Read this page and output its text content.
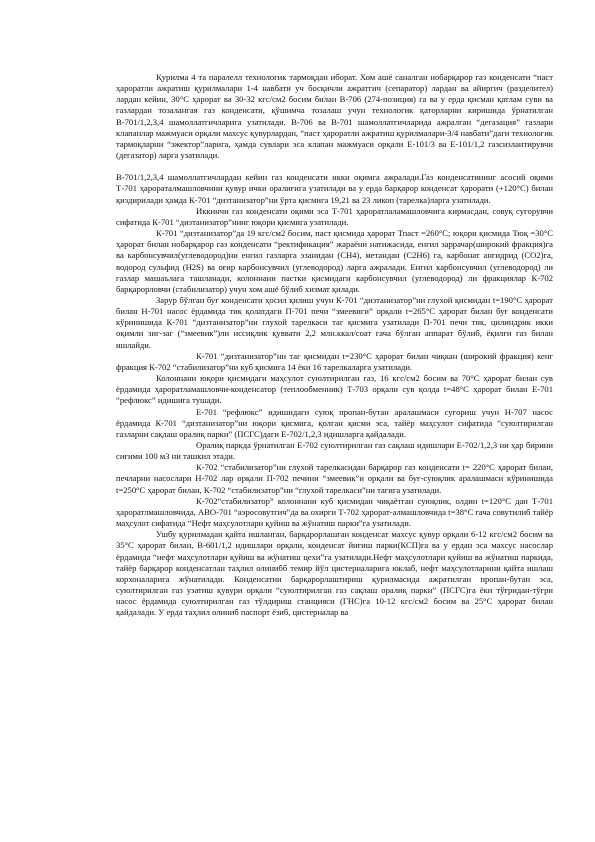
Қурилма 4 та паралелл технологик тармоқдан иборат. Хом ашё саналган нобарқарор газ конденсати “паст ҳароратли ажратиш қурилмалари 1-4 навбати уч босқичли ажратгич (сепаратор) лардан ва айиргич (разделител) лардан кейин, 30°С ҳарорат ва 30-32 кгс/см2 босим билан В-706 (274-позиция) га ва у ерда қисман қатлам суви ва газлардан тозалангая газ конденсати, қўшимча тозалаш учун технологик қаторларни киришида ўрнатилган В-701/1,2,3,4 шамоллатгичларига узатилади. В-706 ва В-701 шамоллатгичларида ажралган “дегазация” газлари клапанлар мажмуаси орқали махсус қувурлардан, “паст ҳароратли ажратиш қурилмалари-3/4 навбати”даги технологик тармоқларни “эжектор”ларига, ҳамда сувлари эса клапан мажмуаси орқали Е-101/3 ва Е-101/1,2 газсизлантирувчи (дегазатор) ларга узатилади.

В-701/1,2,3,4 шамоллатгичлардан кейин газ конденсати икки оқимга ажралади.Газ конденсатининг асосий оқими Т-701 ҳарораталмашловчини қувур ички оралиғига узатилади ва у ерда барқарор конденсат ҳарорати (+120°С) билан қиздирилади ҳамда К-701 “дизтанизатор”ни ўрта қисмига 19,21 ва 23 ликоп (тарелка)ларга узатилади.

Иккинчи газ конденсати оқими эса Т-701 ҳароратлаламашловчига кирмасдан, совуқ суғорувчи сифатида К-701 “дизтанизатор”нинг юқори қисмига узатилади.

К-701 “дизтанизатор”да 19 кгс/см2 босим, паст қисмида ҳарорат Тпаст =260°С; юқори қисмида Тюқ =30°С ҳарорат билан нобарқарор газ конденсати “ректификация” жараёни натижасида, енгил заррачар(широкий фракция)га ва карбонсувчил(углеводород)ни енгил газларга эзанидан (СН4), метандан (С2Н6) га, карбонат ангидрид (СО2)га, водород сульфид (Н2S) ва оғир карбонсувчил (углеводород) ларга ажралади. Енгил карбонсувчил (углеводород) ли газлар машаълага ташланади, колоннани пастки қисмидаги карбонсувчил (углеводород) ли фракциялар К-702 барқарорловчи (стабилизатор) учун хом ашё бўлиб хизмат қилади.

Зарур бўлган буғ конденсати ҳосил қилиш учун К-701 “дизтанизатор”ни глухой қисмидан t=190°С ҳарорат билан Н-701 насос ёрдамида тик қолатдаги П-701 печи “змеевиги” орқали t=265°С ҳарорат билан буғ конденсати кўринишида К-701 “дизтанизатор”ни глухой тарелкаси таг қисмига узатилади П-701 печи тик, цилиндрик икки оқимли зиг-заг (“змеевик”)ли иссиқлик қуввати 2,2 млн.ккал/соат гача бўлган аппарат бўлиб, ёқилғи газ билан ишлайди.

К-701 “дизтанизатор”ни таг қисмидан t=230°С ҳарорат билан чиқкан (широкий фракция) кенг фракция К-702 “стабилизатор”ни куб қисмига 14 ёки 16 тарелкаларга узатилади.

Колоннани юқори қисмидаги маҳсулот суюлтирилган газ, 16 кгс/см2 босим ва 70°С ҳарорат билан сув ёрдамида ҳароратламашловчи-конденсатор (теплообменник) Т-703 орқали сув қолда t=48°С ҳарорат билан Е-701 “рефлюкс” идишига тушади.

Е-701 “рефлюкс” идишидаги суюқ пропан-бутан аралашмаси суғориш учун Н-707 насос ёрдамида К-701 “дизтанизатор”ни юқори қисмига, қолган қисми эса, тайёр маҳсулот сифатида “суюлтирилган газларни сақлаш оралиқ парки” (ПСГС)даги Е-702/1,2,3 идишларга қайдалади.

Оралиқ паркда ўрнатилган Е-702 суюлтирилган газ сақлаш идишлари Е-702/1,2,3 ни ҳар бирини сиғими 100 м3 ни ташкил этади.

К-702 “стабилизатор”ни глухой тарелкасидан барқарор газ конденсати t= 220°С ҳарорат билан, печларни насослари Н-702 лар орқали П-702 печини “змеевик”и орқали ва буғ-суюқлик аралашмаси кўринишида t=250°С ҳарорат билан, К-702 “стабилизатор”ни “глухой тарелкаси”ни тагига узатилади.

К-702“стабилизатор” колоннани куб қисмидан чиқаётган суюқлик, олдин t=120°С дан Т-701 ҳароратлмашловчида, АВО-701 “аэросовутгич”да ва охирги Т-702 ҳарорат-алмашловчида t=38°С гача совутилиб тайёр маҳсулот сифатида “Нефт маҳсулотлари қуйиш ва жўнатиш парки”га узатилади.

Ушбу қурилмадан қайта ишланган, барқарорлашган конденсат махсус қувур орқали 6-12 кгс/см2 босим ва 35°С ҳарорат билан, В-601/1,2 идишлари орқали, конденсат йиғиш парки(КСП)га ва у ердан эса махсус насослар ёрдамида “нефт маҳсулотлари қуйиш ва жўнатиш цехи”га узатилади.Нефт маҳсулотлари қуйиш ва жўнатиш паркида, тайёр барқарор конденсатлан таҳлил олинибб темир йўл цистерналарига юклаб, нефт маҳсулотларини қайта ишлаш корхоналарига жўнатилади. Конденсатни барқарорлаштириш қурилмасида ажратилган пропан-бутан эса, суюлтирилган газ узатиш қувури орқали “суюлтирилган газ сақлаш оралиқ парки” (ПСГС)га ёки тўғридан-тўғри насос ёрдамида суюлтирилган газ тўлдириш станцияси (ГНС)га 10-12 кгс/см2 босим ва 25°С ҳарорат билан қайдалади. У ерда таҳлил олиниб паспорт ёзиб, цистерналар ва
